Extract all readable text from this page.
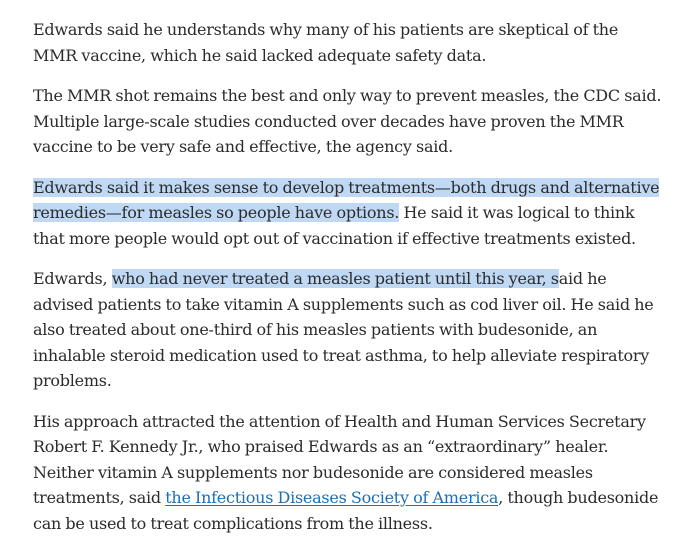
Edwards said he understands why many of his patients are skeptical of the MMR vaccine, which he said lacked adequate safety data.

The MMR shot remains the best and only way to prevent measles, the CDC said. Multiple large-scale studies conducted over decades have proven the MMR vaccine to be very safe and effective, the agency said.

Edwards said it makes sense to develop treatments—both drugs and alternative remedies—for measles so people have options. He said it was logical to think that more people would opt out of vaccination if effective treatments existed.

Edwards, who had never treated a measles patient until this year, said he advised patients to take vitamin A supplements such as cod liver oil. He said he also treated about one-third of his measles patients with budesonide, an inhalable steroid medication used to treat asthma, to help alleviate respiratory problems.

His approach attracted the attention of Health and Human Services Secretary Robert F. Kennedy Jr., who praised Edwards as an “extraordinary” healer. Neither vitamin A supplements nor budesonide are considered measles treatments, said the Infectious Diseases Society of America, though budesonide can be used to treat complications from the illness.
